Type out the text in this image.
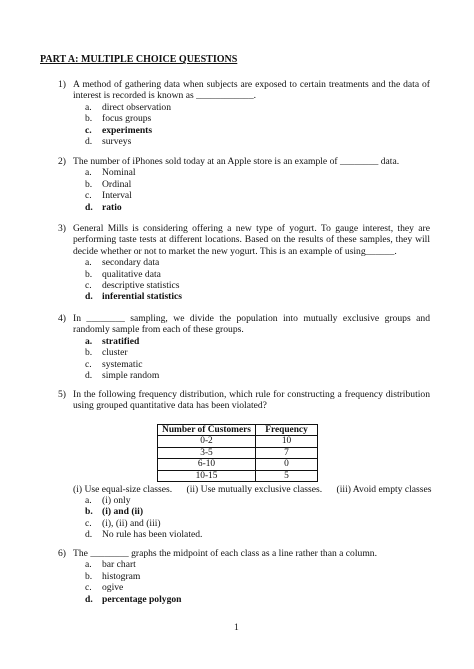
PART A: MULTIPLE CHOICE QUESTIONS
1) A method of gathering data when subjects are exposed to certain treatments and the data of interest is recorded is known as ____________.
a. direct observation
b. focus groups
c. experiments
d. surveys
2) The number of iPhones sold today at an Apple store is an example of ________ data.
a. Nominal
b. Ordinal
c. Interval
d. ratio
3) General Mills is considering offering a new type of yogurt. To gauge interest, they are performing taste tests at different locations. Based on the results of these samples, they will decide whether or not to market the new yogurt. This is an example of using______.
a. secondary data
b. qualitative data
c. descriptive statistics
d. inferential statistics
4) In ________ sampling, we divide the population into mutually exclusive groups and randomly sample from each of these groups.
a. stratified
b. cluster
c. systematic
d. simple random
5) In the following frequency distribution, which rule for constructing a frequency distribution using grouped quantitative data has been violated?
Number of Customers	Frequency
0-2	10
3-5	7
6-10	0
10-15	5
(i) Use equal-size classes. (ii) Use mutually exclusive classes. (iii) Avoid empty classes
a. (i) only
b. (i) and (ii)
c. (i), (ii) and (iii)
d. No rule has been violated.
6) The ________ graphs the midpoint of each class as a line rather than a column.
a. bar chart
b. histogram
c. ogive
d. percentage polygon
1
